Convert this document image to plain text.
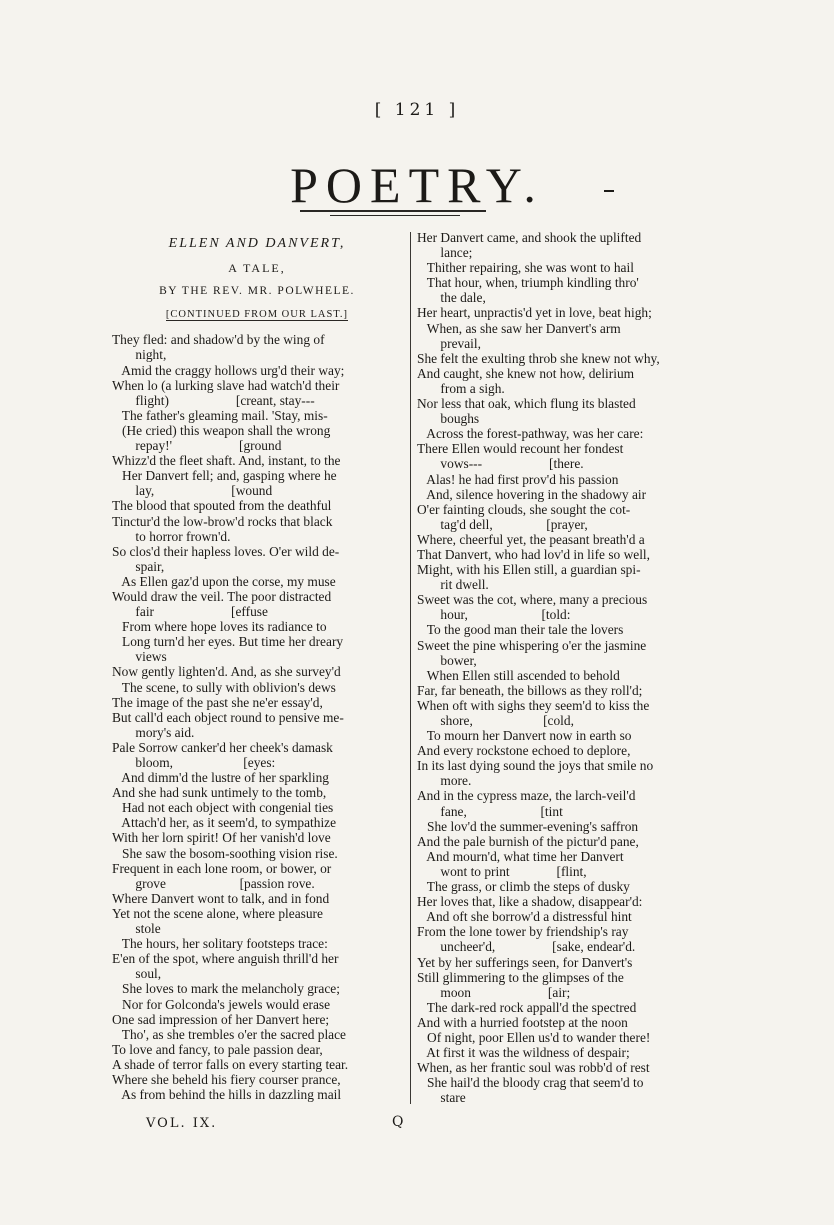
[ 121 ]
POETRY.
ELLEN AND DANVERT,
A TALE,
BY THE REV. MR. POLWHELE.
[CONTINUED FROM OUR LAST.]
They fled: and shadow'd by the wing of
night,
Amid the craggy hollows urg'd their way;
When lo (a lurking slave had watch'd their
flight)                    [creant, stay---
The father's gleaming mail. 'Stay, mis-
(He cried) this weapon shall the wrong
repay!'                    [ground
Whizz'd the fleet shaft. And, instant, to the
Her Danvert fell; and, gasping where he
lay,                       [wound
The blood that spouted from the deathful
Tinctur'd the low-brow'd rocks that black
to horror frown'd.
So clos'd their hapless loves. O'er wild de-
spair,
As Ellen gaz'd upon the corse, my muse
Would draw the veil. The poor distracted
fair                       [effuse
From where hope loves its radiance to
Long turn'd her eyes. But time her dreary
views
Now gently lighten'd. And, as she survey'd
The scene, to sully with oblivion's dews
The image of the past she ne'er essay'd,
But call'd each object round to pensive me-
mory's aid.
Pale Sorrow canker'd her cheek's damask
bloom,                     [eyes:
And dimm'd the lustre of her sparkling
And she had sunk untimely to the tomb,
Had not each object with congenial ties
Attach'd her, as it seem'd, to sympathize
With her lorn spirit! Of her vanish'd love
She saw the bosom-soothing vision rise.
Frequent in each lone room, or bower, or
grove                      [passion rove.
Where Danvert wont to talk, and in fond
Yet not the scene alone, where pleasure
stole
The hours, her solitary footsteps trace:
E'en of the spot, where anguish thrill'd her
soul,
She loves to mark the melancholy grace;
Nor for Golconda's jewels would erase
One sad impression of her Danvert here;
Tho', as she trembles o'er the sacred place
To love and fancy, to pale passion dear,
A shade of terror falls on every starting tear.
Where she beheld his fiery courser prance,
As from behind the hills in dazzling mail
Her Danvert came, and shook the uplifted
lance;
Thither repairing, she was wont to hail
That hour, when, triumph kindling thro'
the dale,
Her heart, unpractis'd yet in love, beat high;
When, as she saw her Danvert's arm
prevail,
She felt the exulting throb she knew not why,
And caught, she knew not how, delirium
from a sigh.
Nor less that oak, which flung its blasted
boughs
Across the forest-pathway, was her care:
There Ellen would recount her fondest
vows---                    [there.
Alas! he had first prov'd his passion
And, silence hovering in the shadowy air
O'er fainting clouds, she sought the cot-
tag'd dell,                [prayer,
Where, cheerful yet, the peasant breath'd a
That Danvert, who had lov'd in life so well,
Might, with his Ellen still, a guardian spi-
rit dwell.
Sweet was the cot, where, many a precious
hour,                      [told:
To the good man their tale the lovers
Sweet the pine whispering o'er the jasmine
bower,
When Ellen still ascended to behold
Far, far beneath, the billows as they roll'd;
When oft with sighs they seem'd to kiss the
shore,                     [cold,
To mourn her Danvert now in earth so
And every rockstone echoed to deplore,
In its last dying sound the joys that smile no
more.
And in the cypress maze, the larch-veil'd
fane,                      [tint
She lov'd the summer-evening's saffron
And the pale burnish of the pictur'd pane,
And mourn'd, what time her Danvert
wont to print              [flint,
The grass, or climb the steps of dusky
Her loves that, like a shadow, disappear'd:
And oft she borrow'd a distressful hint
From the lone tower by friendship's ray
uncheer'd,                 [sake, endear'd.
Yet by her sufferings seen, for Danvert's
Still glimmering to the glimpses of the
moon                       [air;
The dark-red rock appall'd the spectred
And with a hurried footstep at the noon
Of night, poor Ellen us'd to wander there!
At first it was the wildness of despair;
When, as her frantic soul was robb'd of rest
She hail'd the bloody crag that seem'd to
stare
VOL. IX.	Q
